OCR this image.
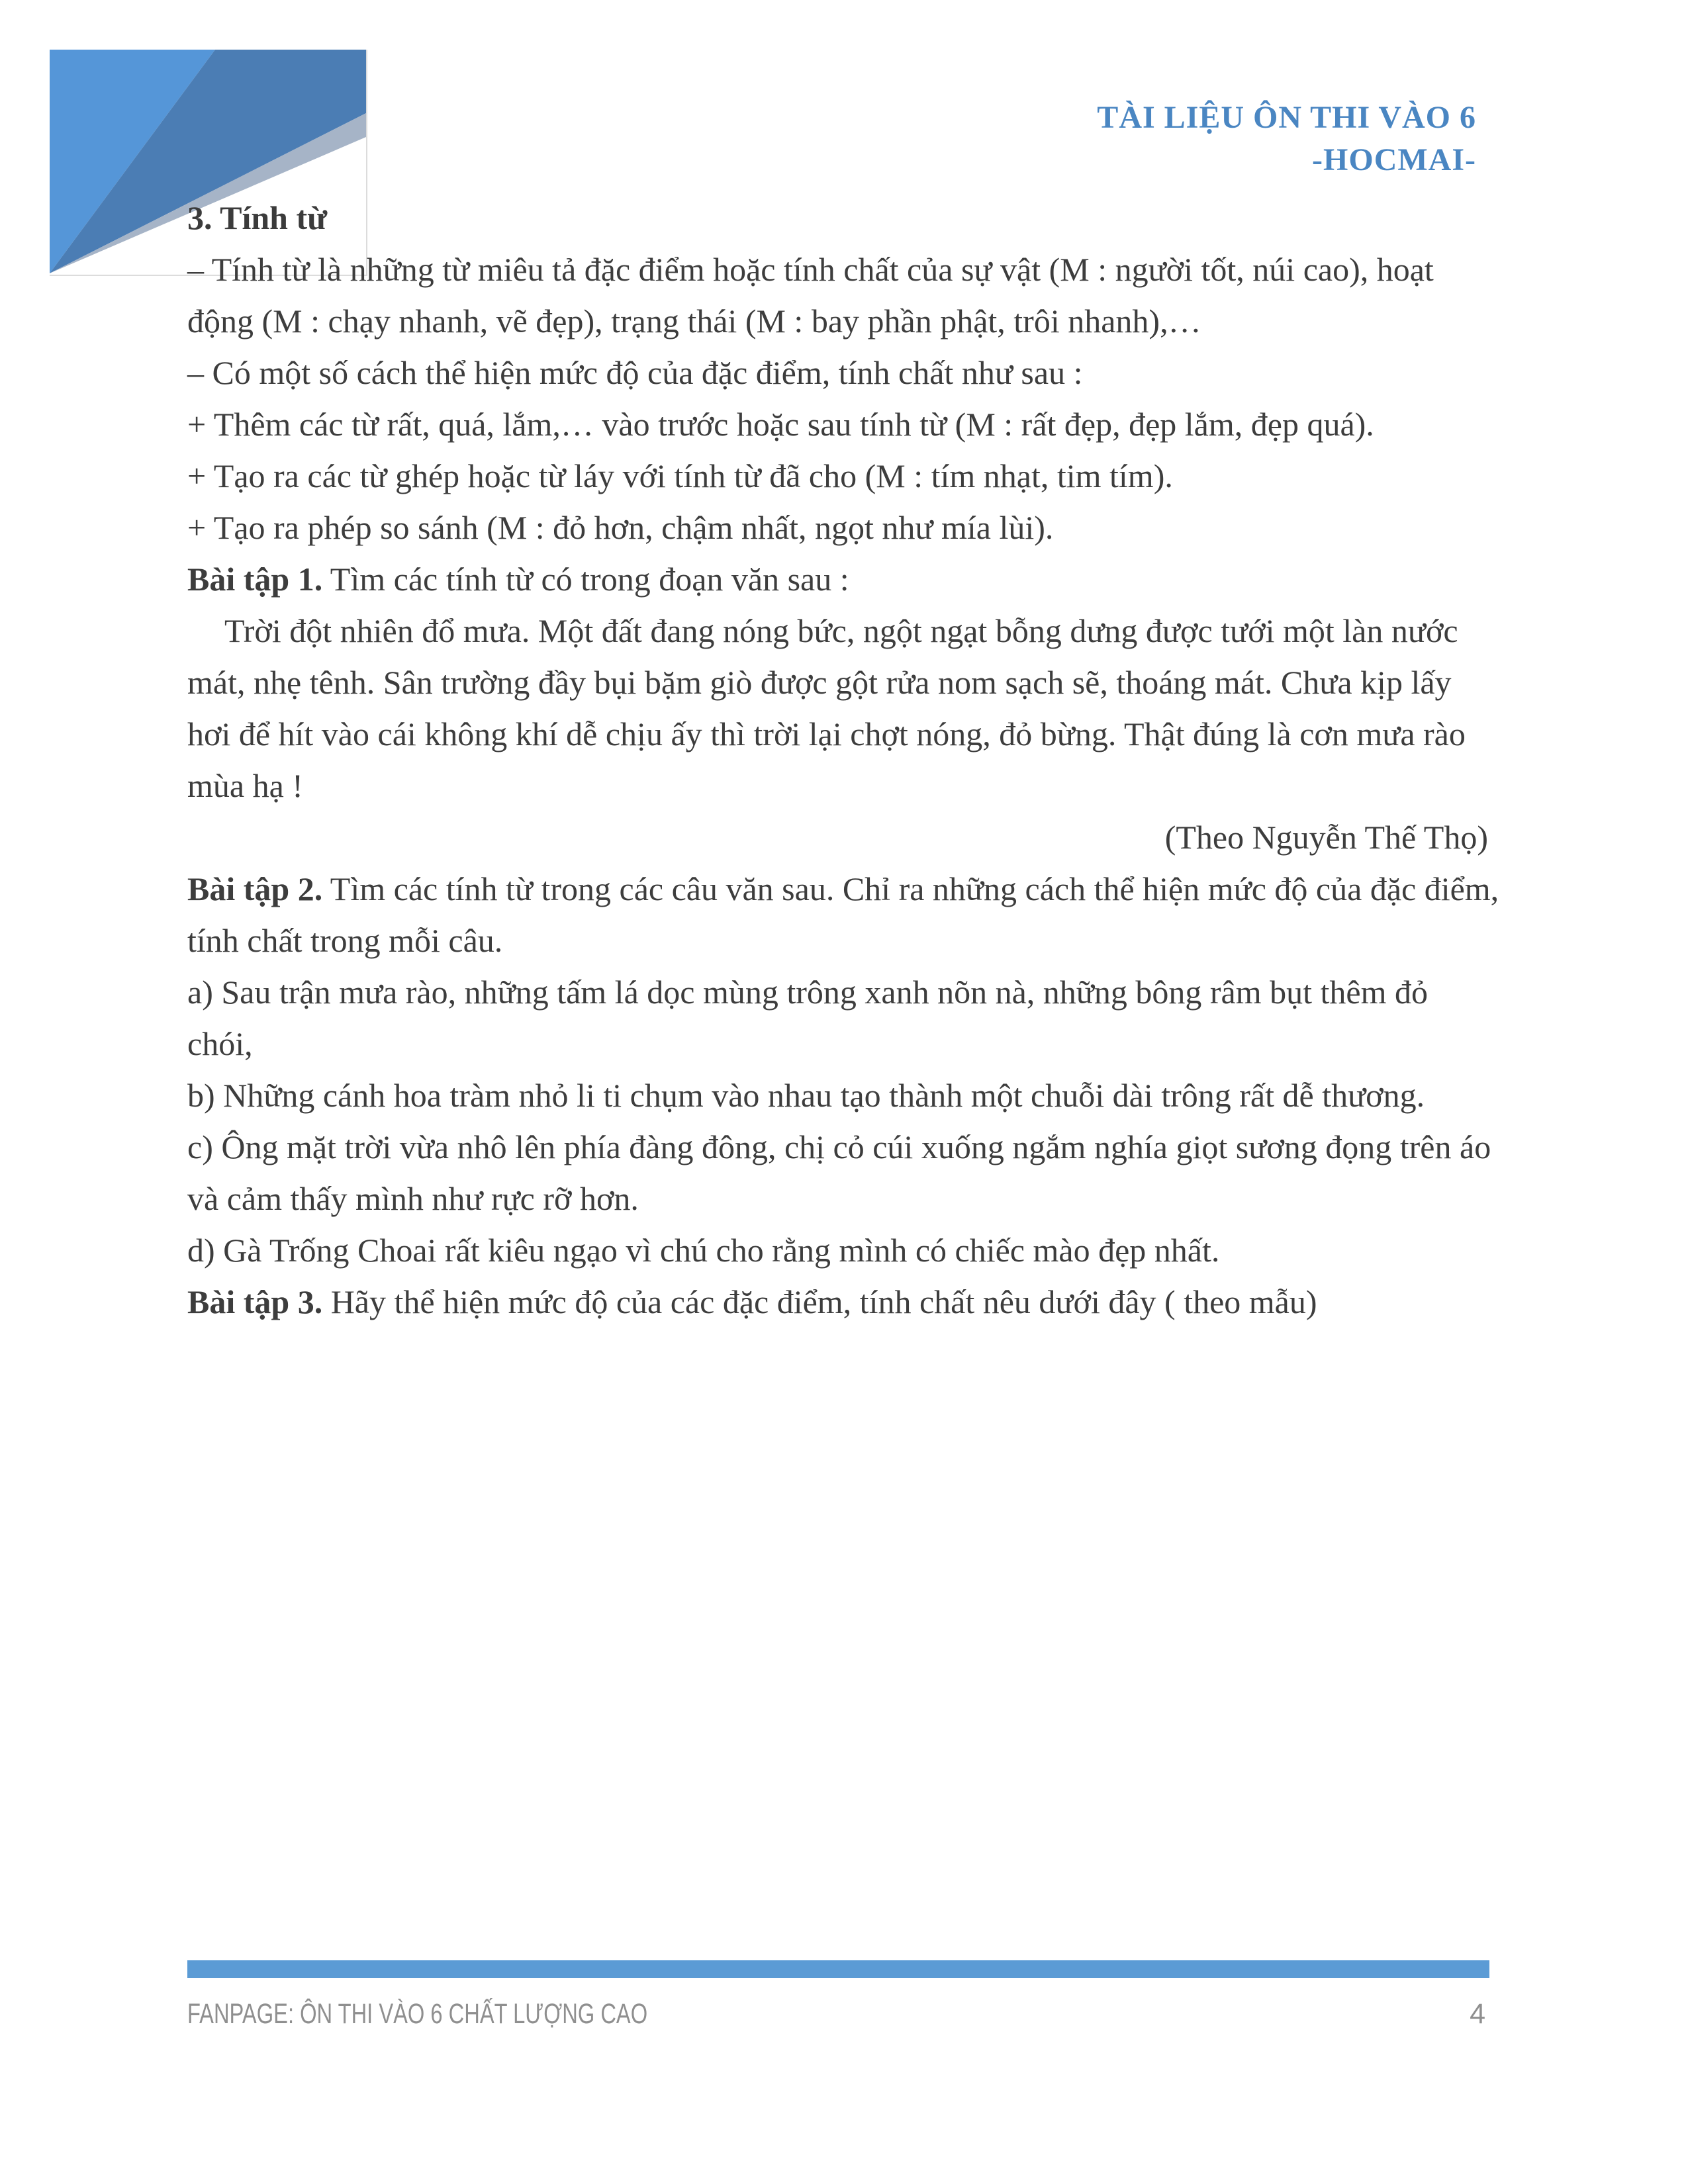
TÀI LIỆU ÔN THI VÀO 6
-HOCMAI-
3. Tính từ

– Tính từ là những từ miêu tả đặc điểm hoặc tính chất của sự vật (M : người tốt, núi cao), hoạt động (M : chạy nhanh, vẽ đẹp), trạng thái (M : bay phần phật, trôi nhanh),…

– Có một số cách thể hiện mức độ của đặc điểm, tính chất như sau :

+ Thêm các từ rất, quá, lắm,… vào trước hoặc sau tính từ (M : rất đẹp, đẹp lắm, đẹp quá).

+ Tạo ra các từ ghép hoặc từ láy với tính từ đã cho (M : tím nhạt, tim tím).

+ Tạo ra phép so sánh (M : đỏ hơn, chậm nhất, ngọt như mía lùi).

Bài tập 1. Tìm các tính từ có trong đoạn văn sau :

Trời đột nhiên đổ mưa. Một đất đang nóng bức, ngột ngạt bỗng dưng được tưới một làn nước mát, nhẹ tênh. Sân trường đầy bụi bặm giò được gột rửa nom sạch sẽ, thoáng mát. Chưa kịp lấy hơi để hít vào cái không khí dễ chịu ấy thì trời lại chợt nóng, đỏ bừng. Thật đúng là cơn mưa rào mùa hạ !

(Theo Nguyễn Thế Thọ)

Bài tập 2. Tìm các tính từ trong các câu văn sau. Chỉ ra những cách thể hiện mức độ của đặc điểm, tính chất trong mỗi câu.

a) Sau trận mưa rào, những tấm lá dọc mùng trông xanh nõn nà, những bông râm bụt thêm đỏ chói,

b) Những cánh hoa tràm nhỏ li ti chụm vào nhau tạo thành một chuỗi dài trông rất dễ thương.

c) Ông mặt trời vừa nhô lên phía đàng đông, chị cỏ cúi xuống ngắm nghía giọt sương đọng trên áo và cảm thấy mình như rực rỡ hơn.

d) Gà Trống Choai rất kiêu ngạo vì chú cho rằng mình có chiếc mào đẹp nhất.

Bài tập 3. Hãy thể hiện mức độ của các đặc điểm, tính chất nêu dưới đây ( theo mẫu)

FANPAGE: ÔN THI VÀO 6 CHẤT LƯỢNG CAO	4
